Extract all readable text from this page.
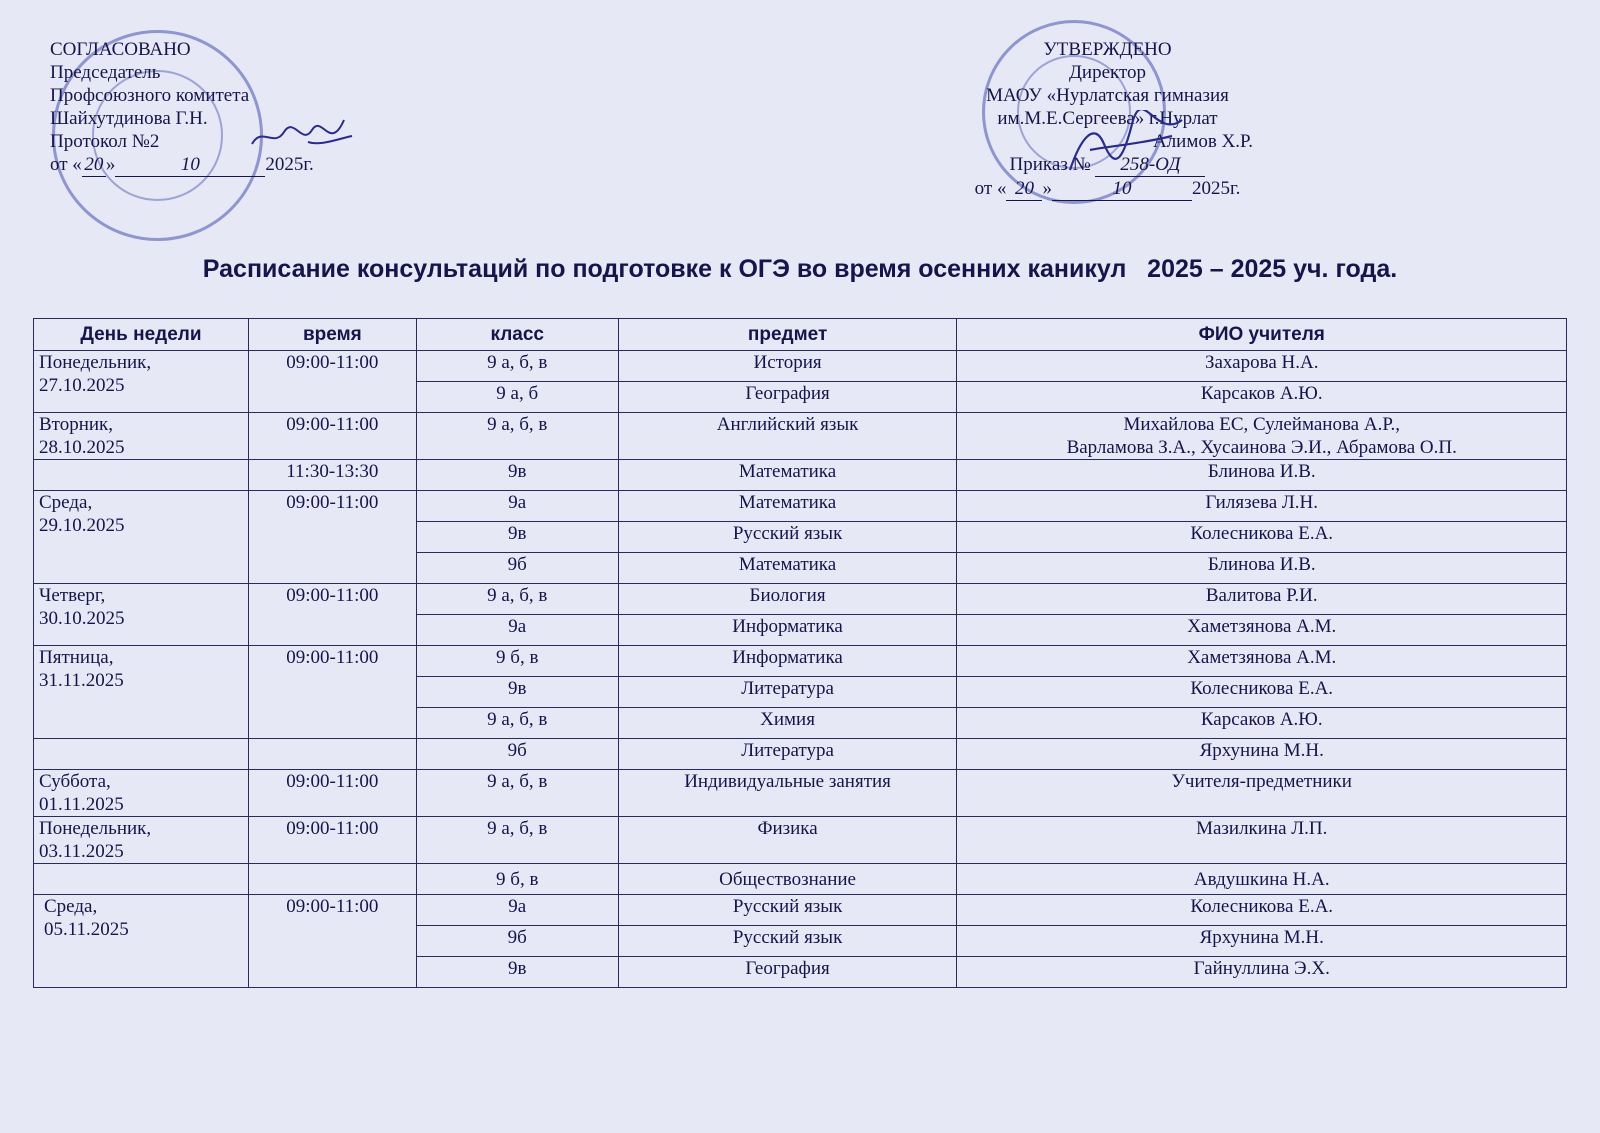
СОГЛАСОВАНО
Председатель
Профсоюзного комитета
Шайхутдинова Г.Н.
Протокол №2
от « 20 »	10	2025г.
УТВЕРЖДЕНО
Директор
МАОУ «Нурлатская гимназия
им.М.Е.Сергеева» г.Нурлат
Алимов Х.Р.
Приказ № 258-ОД
от « 20 »	10	2025г.
Расписание консультаций по подготовке к ОГЭ во время осенних каникул   2025 – 2025 уч. года.
День недели	время	класс	предмет	ФИО учителя
Понедельник,
27.10.2025	09:00-11:00	9 а, б, в	История	Захарова Н.А.
		9 а, б	География	Карсаков А.Ю.
Вторник,
28.10.2025	09:00-11:00	9 а, б, в	Английский язык	Михайлова ЕС, Сулейманова А.Р.,
Варламова З.А., Хусаинова Э.И., Абрамова О.П.
	11:30-13:30	9в	Математика	Блинова И.В.
Среда,
29.10.2025	09:00-11:00	9а	Математика	Гилязева Л.Н.
		9в	Русский язык	Колесникова Е.А.
		9б	Математика	Блинова И.В.
Четверг,
30.10.2025	09:00-11:00	9 а, б, в	Биология	Валитова Р.И.
		9а	Информатика	Хаметзянова А.М.
Пятница,
31.11.2025	09:00-11:00	9 б, в	Информатика	Хаметзянова А.М.
		9в	Литература	Колесникова Е.А.
		9 а, б, в	Химия	Карсаков А.Ю.
		9б	Литература	Ярхунина М.Н.
Суббота,
01.11.2025	09:00-11:00	9 а, б, в	Индивидуальные занятия	Учителя-предметники
Понедельник,
03.11.2025	09:00-11:00	9 а, б, в	Физика	Мазилкина Л.П.
		9 б, в	Обществознание	Авдушкина Н.А.
Среда,
05.11.2025	09:00-11:00	9а	Русский язык	Колесникова Е.А.
		9б	Русский язык	Ярхунина М.Н.
		9в	География	Гайнуллина Э.Х.
